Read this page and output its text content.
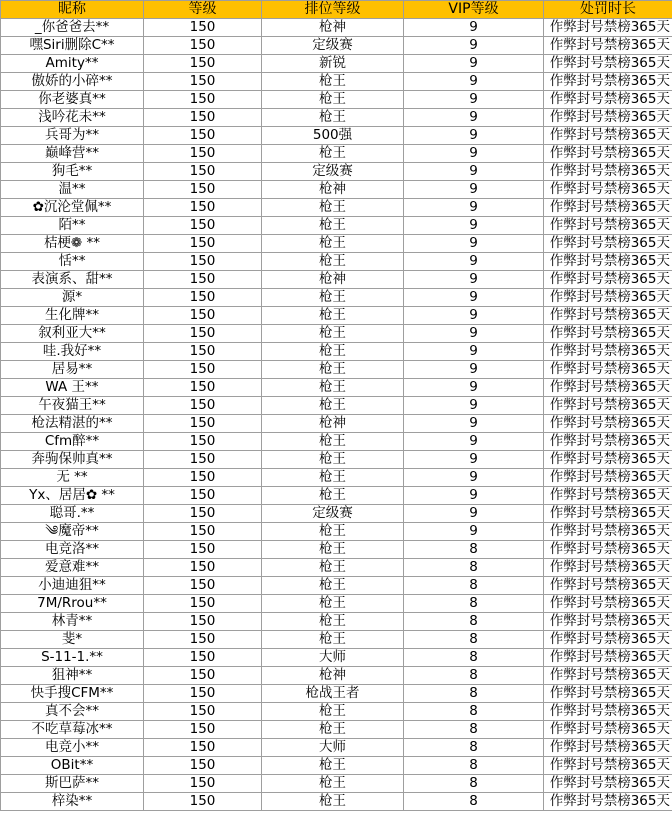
昵称	等级	排位等级	VIP等级	处罚时长
_你爸爸去**	150	枪神	9	作弊封号禁榜365天
嘿Siri删除C**	150	定级赛	9	作弊封号禁榜365天
Amity**	150	新锐	9	作弊封号禁榜365天
傲娇的小碎**	150	枪王	9	作弊封号禁榜365天
你老婆真**	150	枪王	9	作弊封号禁榜365天
浅吟花未**	150	枪王	9	作弊封号禁榜365天
兵哥为**	150	500强	9	作弊封号禁榜365天
巅峰营**	150	枪王	9	作弊封号禁榜365天
狗毛**	150	定级赛	9	作弊封号禁榜365天
温**	150	枪神	9	作弊封号禁榜365天
✿沉沦堂佩**	150	枪王	9	作弊封号禁榜365天
陌**	150	枪王	9	作弊封号禁榜365天
桔梗❁ **	150	枪王	9	作弊封号禁榜365天
恬**	150	枪王	9	作弊封号禁榜365天
表演系、甜**	150	枪神	9	作弊封号禁榜365天
源*	150	枪王	9	作弊封号禁榜365天
生化牌**	150	枪王	9	作弊封号禁榜365天
叙利亚大**	150	枪王	9	作弊封号禁榜365天
哇.我好**	150	枪王	9	作弊封号禁榜365天
居易**	150	枪王	9	作弊封号禁榜365天
WA 王**	150	枪王	9	作弊封号禁榜365天
午夜猫王**	150	枪王	9	作弊封号禁榜365天
枪法精湛的**	150	枪神	9	作弊封号禁榜365天
Cfm醉**	150	枪王	9	作弊封号禁榜365天
奔驹保帅真**	150	枪王	9	作弊封号禁榜365天
无 **	150	枪王	9	作弊封号禁榜365天
Yx、居居✿ **	150	枪王	9	作弊封号禁榜365天
聪哥.**	150	定级赛	9	作弊封号禁榜365天
༄魔帝**	150	枪王	9	作弊封号禁榜365天
电竞洛**	150	枪王	8	作弊封号禁榜365天
爱意难**	150	枪王	8	作弊封号禁榜365天
小迪迪狙**	150	枪王	8	作弊封号禁榜365天
7M/Rrou**	150	枪王	8	作弊封号禁榜365天
林青**	150	枪王	8	作弊封号禁榜365天
斐*	150	枪王	8	作弊封号禁榜365天
S-11-1.**	150	大师	8	作弊封号禁榜365天
狙神**	150	枪神	8	作弊封号禁榜365天
快手搜CFM**	150	枪战王者	8	作弊封号禁榜365天
真不会**	150	枪王	8	作弊封号禁榜365天
不吃草莓冰**	150	枪王	8	作弊封号禁榜365天
电竞小**	150	大师	8	作弊封号禁榜365天
OBit**	150	枪王	8	作弊封号禁榜365天
斯巴萨**	150	枪王	8	作弊封号禁榜365天
梓染**	150	枪王	8	作弊封号禁榜365天
